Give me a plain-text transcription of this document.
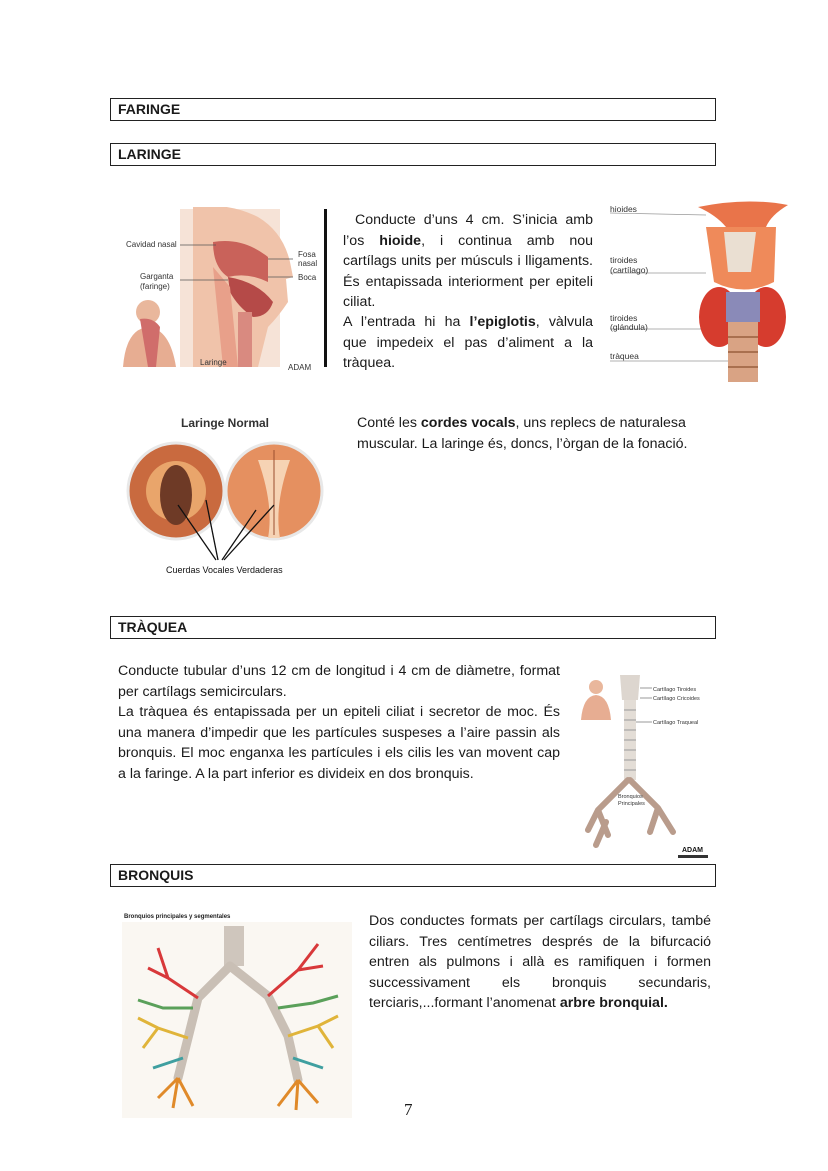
FARINGE
LARINGE
TRÀQUEA
BRONQUIS
Cavidad nasal
Garganta
(faringe)
Fosa
nasal
Boca
Laringe
ADAM
Conducte d’uns 4 cm. S’inicia amb l’os hioide, i continua amb nou cartílags units per músculs i lligaments. És entapissada interiorment per epiteli ciliat.
A l’entrada hi ha l’epiglotis, vàlvula que impedeix el pas d’aliment a la tràquea.
hioides
tiroides
(cartílago)
tiroides
(glándula)
tràquea
Laringe Normal
Cuerdas Vocales Verdaderas
Conté les cordes vocals, uns replecs de naturalesa muscular. La laringe és, doncs, l’òrgan de la fonació.
Conducte tubular d’uns 12 cm de longitud i 4 cm de diàmetre, format per cartílags semicirculars.
La tràquea és entapissada per un epiteli ciliat i secretor de moc. És una manera d’impedir que les partícules suspeses a l’aire passin als bronquis. El moc enganxa les partícules i els cilis les van movent cap a la faringe. A la part inferior es divideix en dos bronquis.
Cartílago Tiroides
Cartílago Cricoides
Cartílago Traqueal
Bronquios
Principales
ADAM
Bronquios principales y segmentales	Dos conductes formats per cartílags circulars, també ciliars. Tres centímetres després de la bifurcació entren als pulmons i allà es ramifiquen i formen successivament els bronquis secundaris, terciaris,...formant l’anomenat arbre bronquial.
7
